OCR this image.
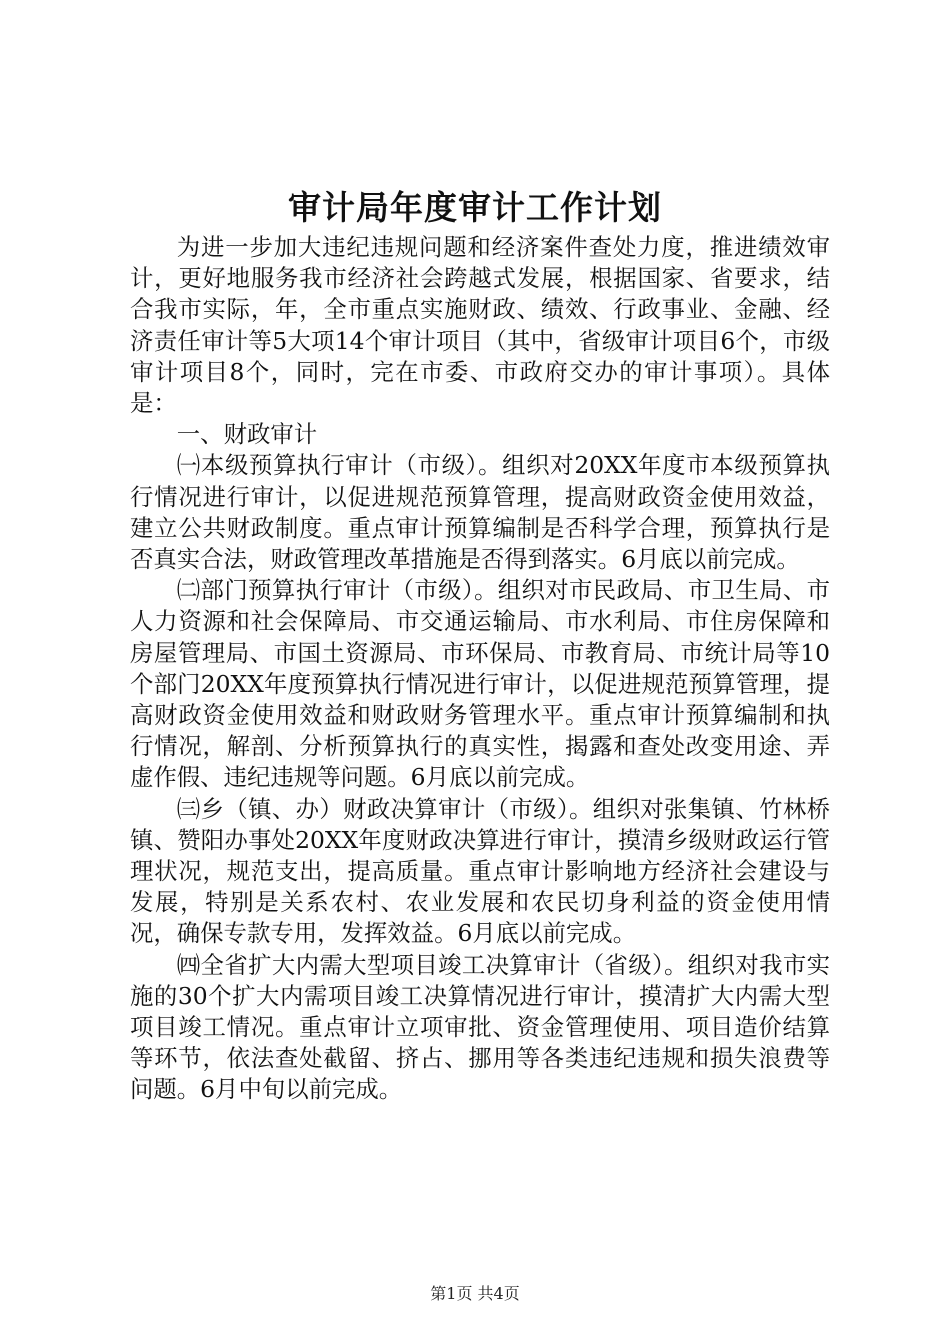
审计局年度审计工作计划

为进一步加大违纪违规问题和经济案件查处力度，推进绩效审计，更好地服务我市经济社会跨越式发展，根据国家、省要求，结合我市实际，年，全市重点实施财政、绩效、行政事业、金融、经济责任审计等5大项14个审计项目（其中，省级审计项目6个，市级审计项目8个，同时，完在市委、市政府交办的审计事项）。具体是：

一、财政审计

㈠本级预算执行审计（市级）。组织对20XX年度市本级预算执行情况进行审计，以促进规范预算管理，提高财政资金使用效益，建立公共财政制度。重点审计预算编制是否科学合理，预算执行是否真实合法，财政管理改革措施是否得到落实。6月底以前完成。

㈡部门预算执行审计（市级）。组织对市民政局、市卫生局、市人力资源和社会保障局、市交通运输局、市水利局、市住房保障和房屋管理局、市国土资源局、市环保局、市教育局、市统计局等10个部门20XX年度预算执行情况进行审计，以促进规范预算管理，提高财政资金使用效益和财政财务管理水平。重点审计预算编制和执行情况，解剖、分析预算执行的真实性，揭露和查处改变用途、弄虚作假、违纪违规等问题。6月底以前完成。

㈢乡（镇、办）财政决算审计（市级）。组织对张集镇、竹林桥镇、赞阳办事处20XX年度财政决算进行审计，摸清乡级财政运行管理状况，规范支出，提高质量。重点审计影响地方经济社会建设与发展，特别是关系农村、农业发展和农民切身利益的资金使用情况，确保专款专用，发挥效益。6月底以前完成。

㈣全省扩大内需大型项目竣工决算审计（省级）。组织对我市实施的30个扩大内需项目竣工决算情况进行审计，摸清扩大内需大型项目竣工情况。重点审计立项审批、资金管理使用、项目造价结算等环节，依法查处截留、挤占、挪用等各类违纪违规和损失浪费等问题。6月中旬以前完成。

第1页 共4页
